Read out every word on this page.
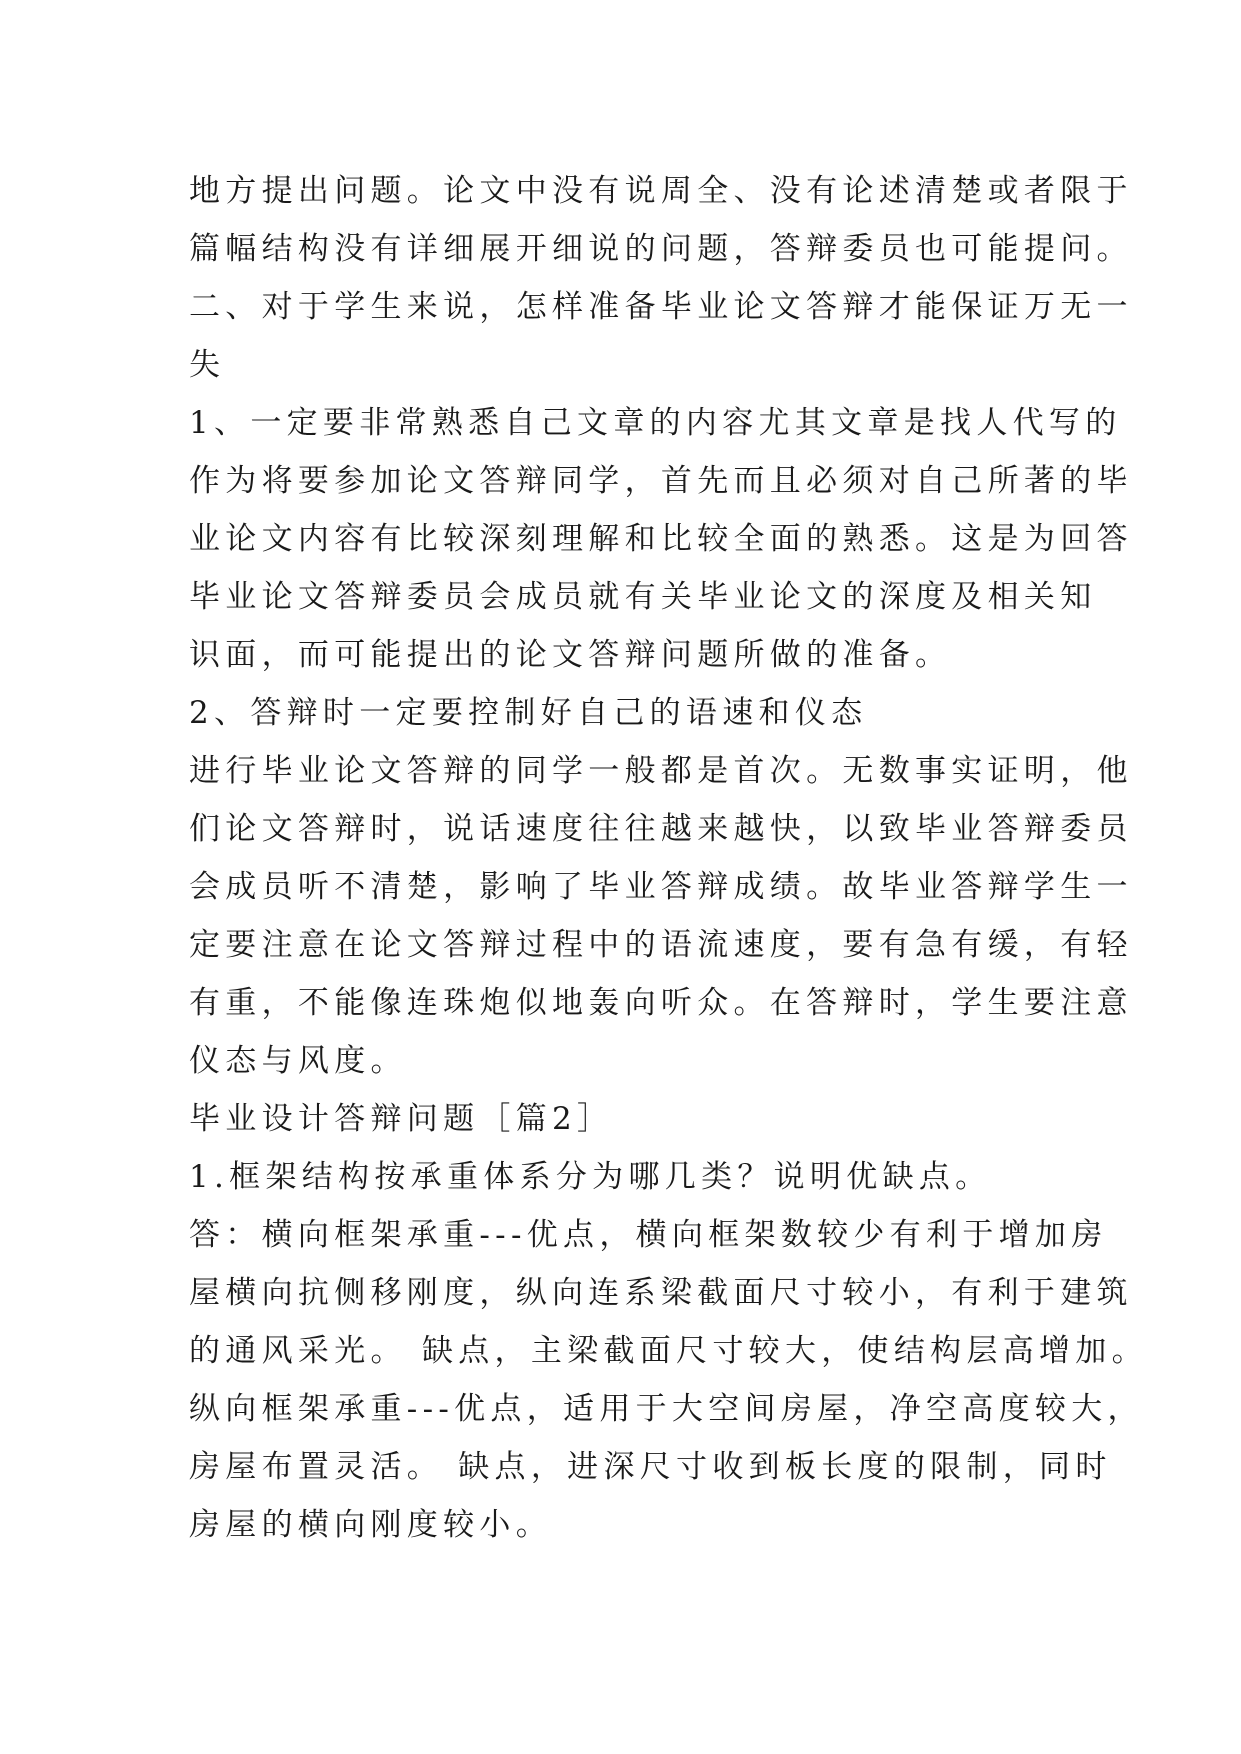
地方提出问题。论文中没有说周全、没有论述清楚或者限于
篇幅结构没有详细展开细说的问题，答辩委员也可能提问。
二、对于学生来说，怎样准备毕业论文答辩才能保证万无一
失
1、一定要非常熟悉自己文章的内容尤其文章是找人代写的
作为将要参加论文答辩同学，首先而且必须对自己所著的毕
业论文内容有比较深刻理解和比较全面的熟悉。这是为回答
毕业论文答辩委员会成员就有关毕业论文的深度及相关知
识面，而可能提出的论文答辩问题所做的准备。
2、答辩时一定要控制好自己的语速和仪态
进行毕业论文答辩的同学一般都是首次。无数事实证明，他
们论文答辩时，说话速度往往越来越快，以致毕业答辩委员
会成员听不清楚，影响了毕业答辩成绩。故毕业答辩学生一
定要注意在论文答辩过程中的语流速度，要有急有缓，有轻
有重，不能像连珠炮似地轰向听众。在答辩时，学生要注意
仪态与风度。
毕业设计答辩问题［篇2］
1.框架结构按承重体系分为哪几类？说明优缺点。
答：横向框架承重---优点，横向框架数较少有利于增加房
屋横向抗侧移刚度，纵向连系梁截面尺寸较小，有利于建筑
的通风采光。 缺点，主梁截面尺寸较大，使结构层高增加。
纵向框架承重---优点，适用于大空间房屋，净空高度较大，
房屋布置灵活。 缺点，进深尺寸收到板长度的限制，同时
房屋的横向刚度较小。
